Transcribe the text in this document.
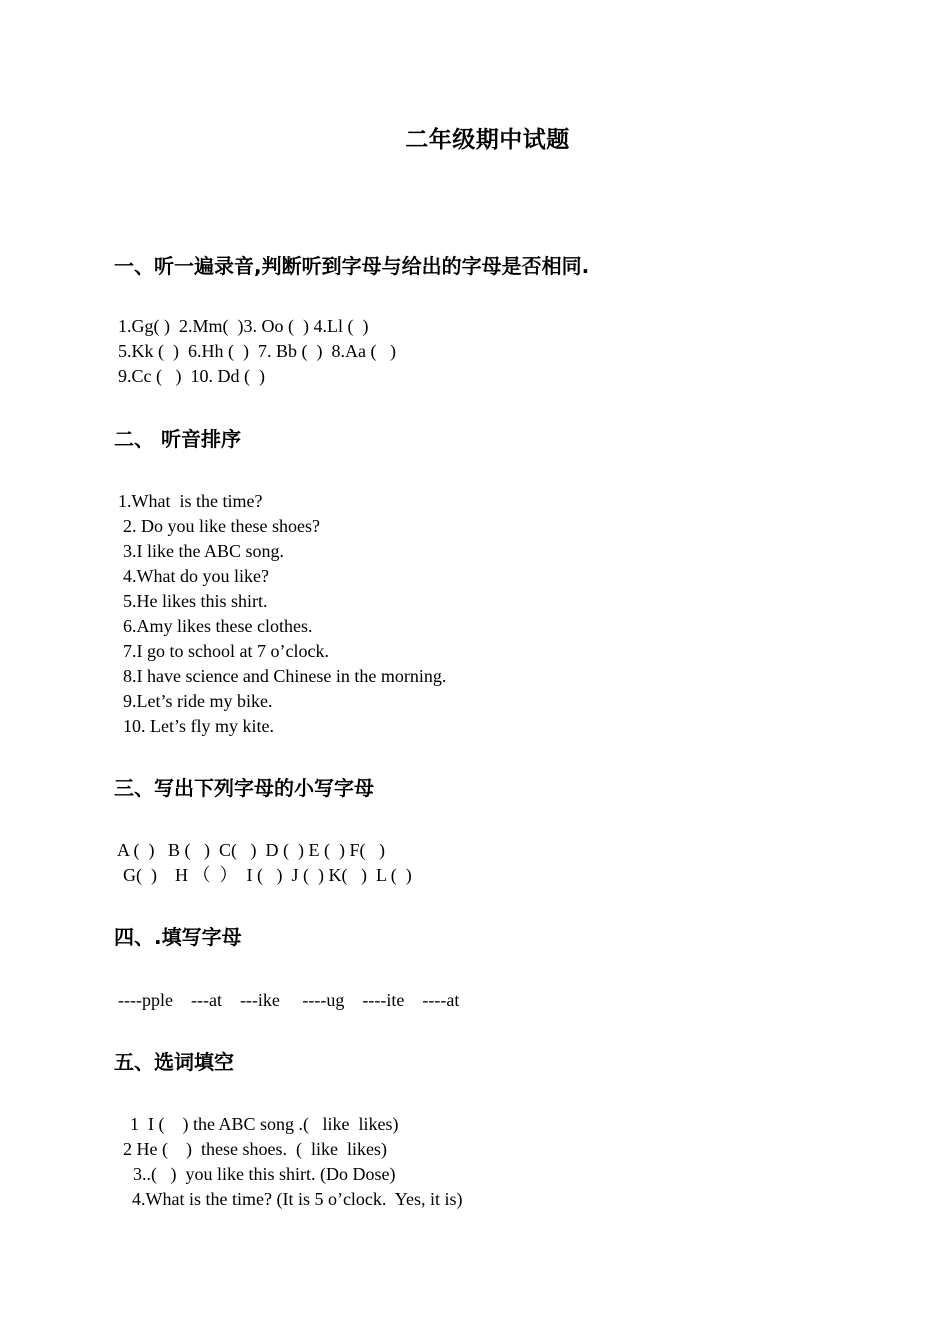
二年级期中试题
一、听一遍录音,判断听到字母与给出的字母是否相同.
1.Gg( )  2.Mm(  )3. Oo (  ) 4.Ll (  )
5.Kk (  )  6.Hh (  )  7. Bb (  )  8.Aa (   )
9.Cc (   )  10. Dd (  )
二、 听音排序
1.What  is the time?
2. Do you like these shoes?
3.I like the ABC song.
4.What do you like?
5.He likes this shirt.
6.Amy likes these clothes.
7.I go to school at 7 o’clock.
8.I have science and Chinese in the morning.
9.Let’s ride my bike.
10. Let’s fly my kite.
三、写出下列字母的小写字母
A (  )   B (   )  C(   )  D (  ) E (  ) F(   )
G(  )    H （  ）  I (   )  J (  ) K(   )  L (  )
四、.填写字母
----pple    ---at    ---ike     ----ug    ----ite    ----at
五、选词填空
1  I (    ) the ABC song .(   like  likes)
2 He (    )  these shoes.  (  like  likes)
3..(   )  you like this shirt. (Do Dose)
4.What is the time? (It is 5 o’clock.  Yes, it is)
